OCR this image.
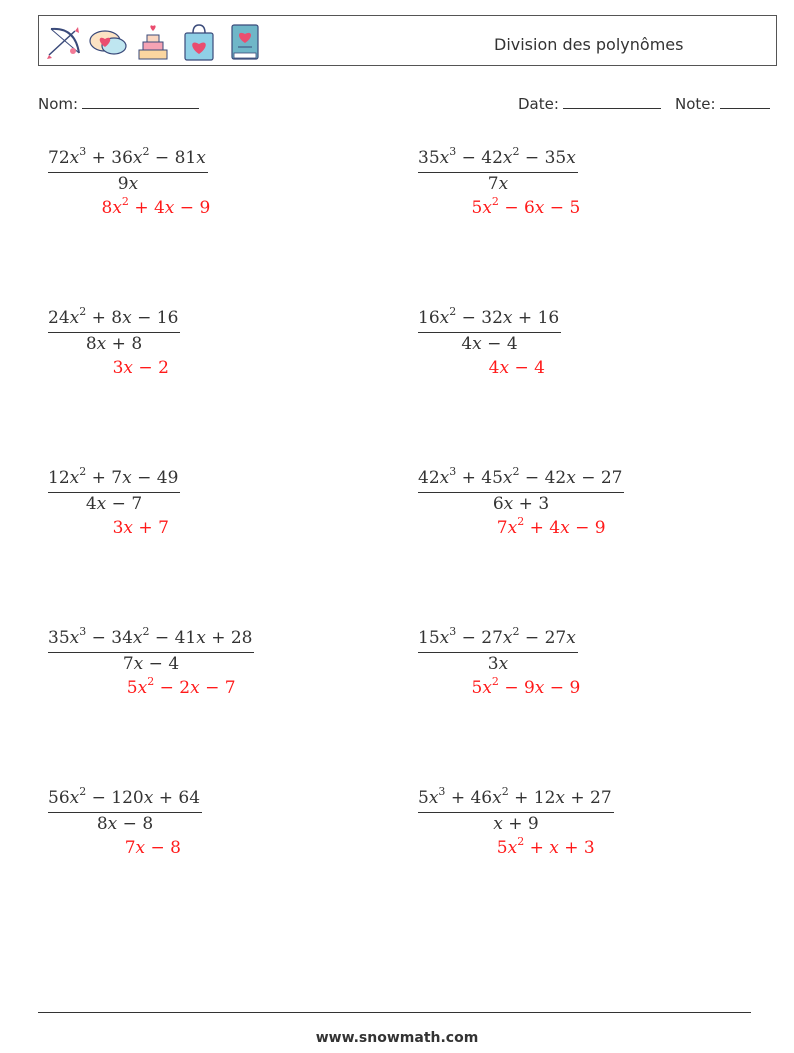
Division des polynômes
Nom:	Date:	Note:
$72x^3 + 36x^2 - 81x$
9x
$8x^2 + 4x - 9$
$35x^3 - 42x^2 - 35x$
7x
$5x^2 - 6x - 5$
$24x^2 + 8x - 16$
8x + 8
3x − 2
$16x^2 - 32x + 16$
4x − 4
4x − 4
$12x^2 + 7x - 49$
4x − 7
3x + 7
$42x^3 + 45x^2 - 42x - 27$
6x + 3
$7x^2 + 4x - 9$
$35x^3 - 34x^2 - 41x + 28$
7x − 4
$5x^2 - 2x - 7$
$15x^3 - 27x^2 - 27x$
3x
$5x^2 - 9x - 9$
$56x^2 - 120x + 64$
8x − 8
7x − 8
$5x^3 + 46x^2 + 12x + 27$
x + 9
$5x^2 + x + 3$
www.snowmath.com
